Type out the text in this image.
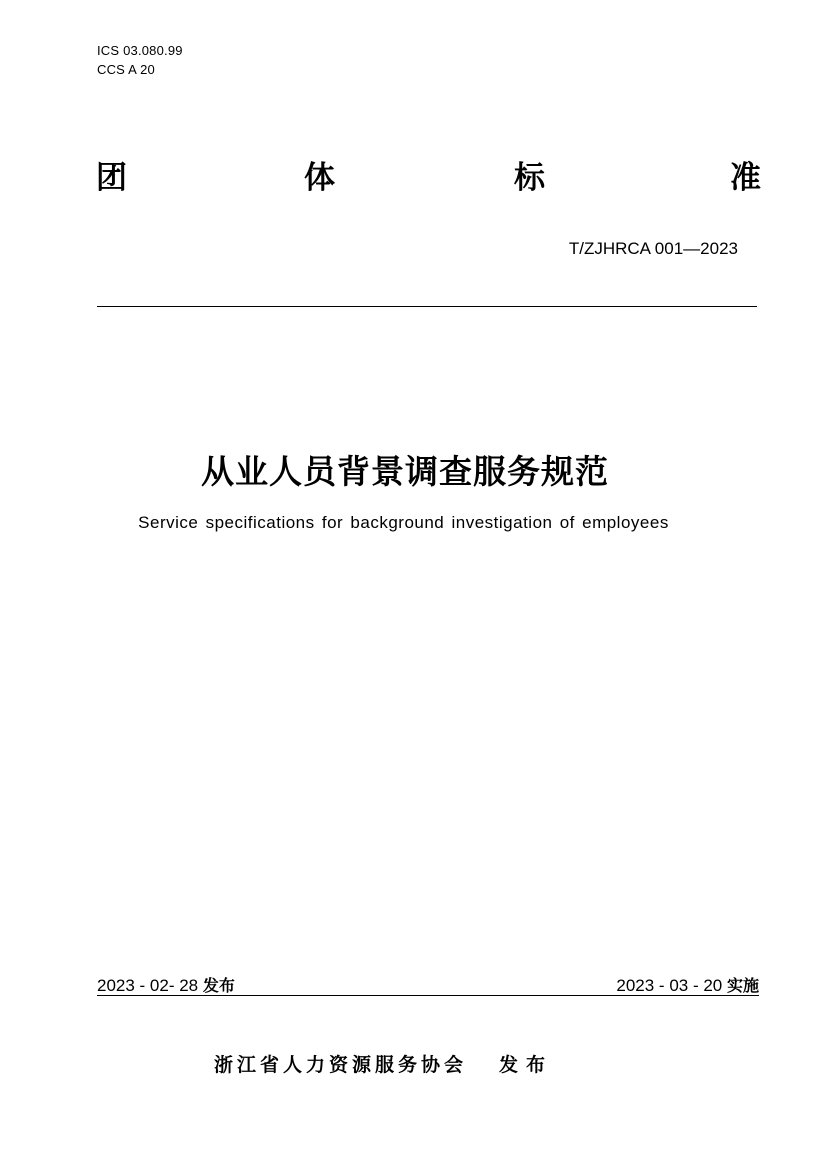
ICS 03.080.99
CCS A 20
团	体	标	准
T/ZJHRCA 001—2023
从业人员背景调查服务规范
Service specifications for background investigation of employees
2023 - 02- 28 发布	2023 - 03 - 20 实施
浙江省人力资源服务协会 发布
